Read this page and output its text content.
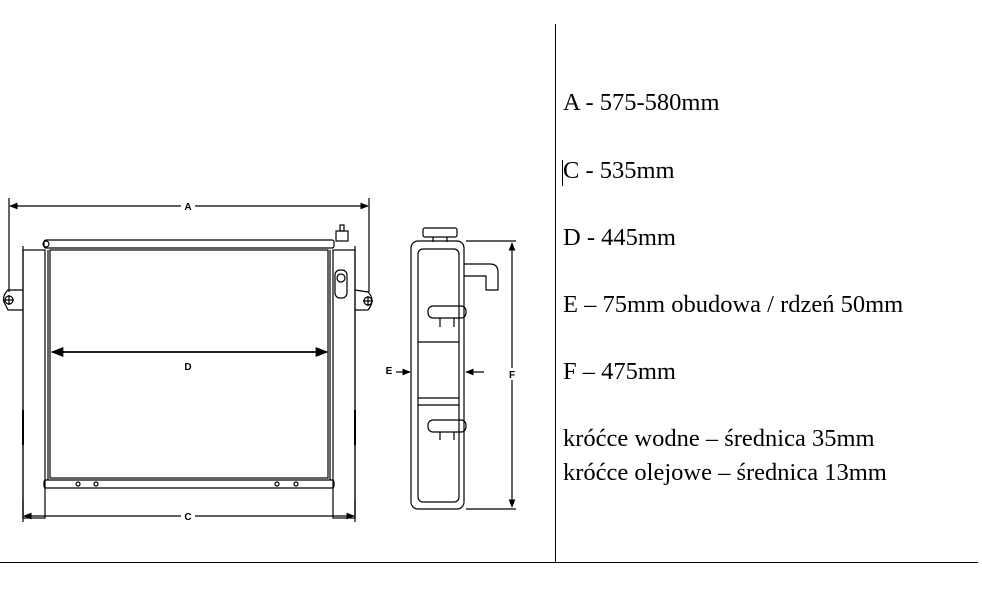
A
D
C
E	F
A - 575-580mm
C - 535mm
D - 445mm
E – 75mm obudowa / rdzeń 50mm
F – 475mm
króćce wodne – średnica 35mm
króćce olejowe – średnica 13mm
